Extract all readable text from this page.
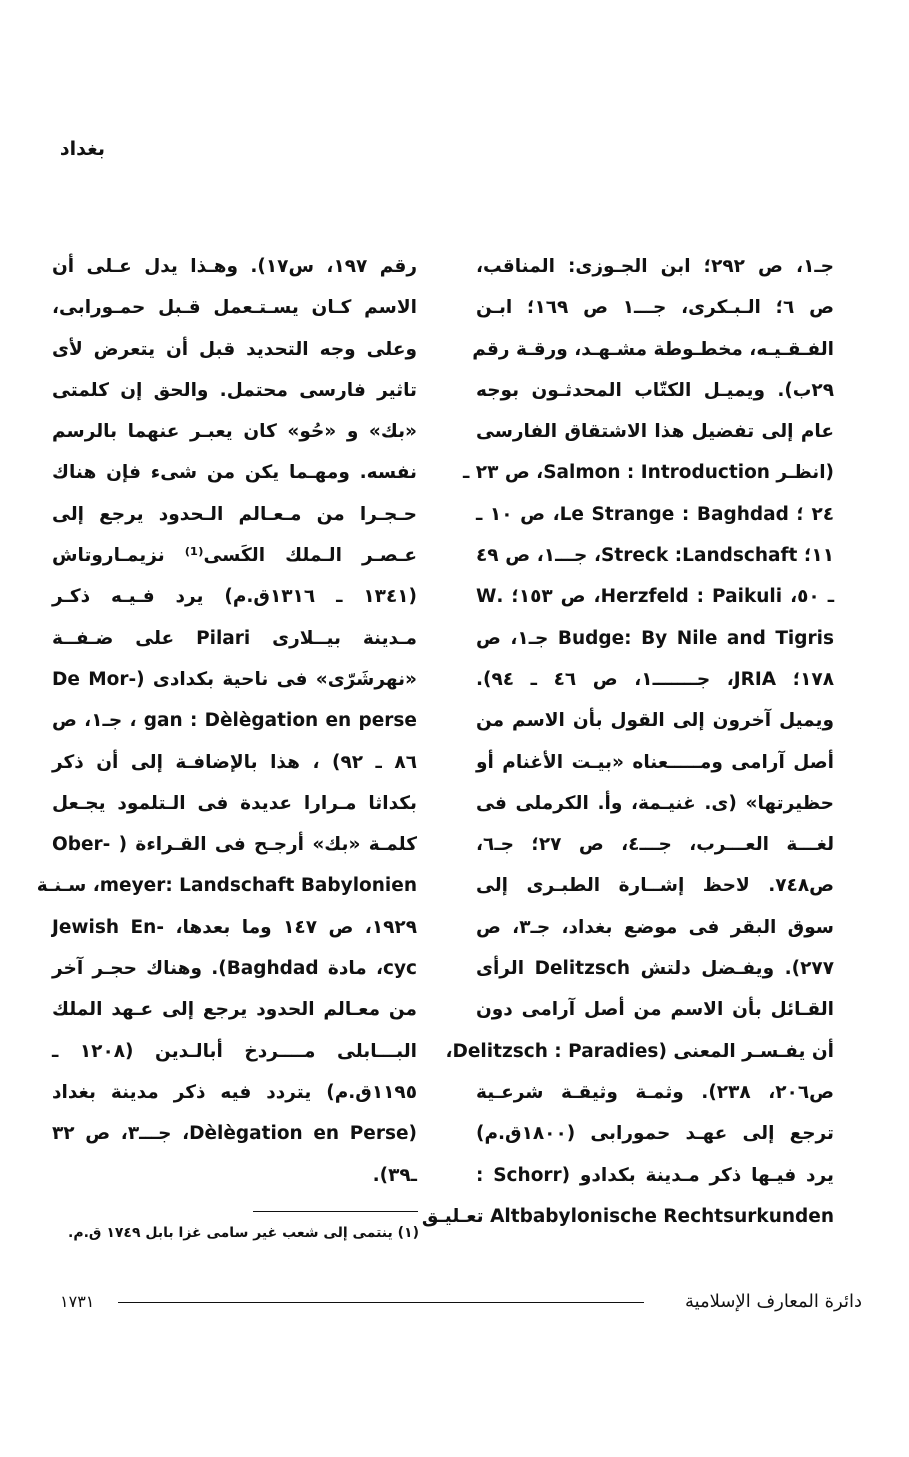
بغداد
جـ۱، ص ۲۹۲؛ ابن الجـوزی: المناقب،
ص ٦؛ الـبـكرى، جـــ۱ ص ١٦٩؛ ابـن
الفـقـيـه، مخطـوطة مشـهـد، ورقـة رقم
۲۹ب). ويميـل الكتّاب المحدثـون بوجه
عام إلى تفضيل هذا الاشتقاق الفارسى
(انظـر Salmon : Introduction، ص ٢٣ ـ
٢٤ ؛ Le Strange : Baghdad، ص ١٠ ـ
١١؛ Streck :Landschaft، جـــ١، ص ٤٩
ـ ٥٠، Herzfeld : Paikuli، ص ١٥٣؛ .W
Budge: By Nile and Tigris جـ١، ص
١٧٨؛ JRIA، جـــــــ١، ص ٤٦ ـ ٩٤).
ويميل آخرون إلى القول بأن الاسم من
أصل آرامی ومـــــعناه «بيـت الأغنام أو
حظيرتها» (ى. غنيـمة، وأ. الكرملى فى
لغـــة العـــرب، جـــ٤، ص ۲۷؛ جـ٦،
ص٧٤٨. لاحظ إشــارة الطبـرى إلى
سوق البقر فى موضع بغداد، جـ٣، ص
٢٧٧). ويفـضل دلتش Delitzsch الرأى
القـائل بأن الاسم من أصل آرامى دون
أن يفـسـر المعنى (Delitzsch : Paradies،
ص٢٠٦، ٢٣٨). وثمـة وثيقـة شرعـية
ترجع إلى عهـد حمورابى (۱۸۰۰ق.م)
يرد فيـها ذكر مـدينة بكدادو (Schorr :
Altbabylonische Rechtsurkunden تعـليـق
رقم ۱۹۷، س۱۷). وهـذا يدل عـلى أن
الاسم كـان يسـتـعمل قـبل حمـورابى،
وعلى وجه التحديد قبل أن يتعرض لأى
تاثير فارسى محتمل. والحق إن كلمتى
«بك» و «حُو» كان يعبـر عنهما بالرسم
نفسه. ومهـما يكن من شىء فإن هناك
حـجـرا من مـعـالم الـحدود يرجع إلى
عـصـر الـملك الكَسى⁽¹⁾ نزيمـاروتاش
(١٣٤١ ـ ١٣١٦ق.م) يرد فـيـه ذكـر
مـدينة بيــلارى Pilari على ضـفــة
«نهرشَرّى» فى ناحية بكدادى (-De Mor
gan : Dèlègation en perse ، جـ١، ص
٨٦ ـ ٩٢) ، هذا بالإضافـة إلى أن ذكر
بكداثا مـرارا عديدة فى الـتلمود يجـعل
كلمـة «بك» أرجـح فى القـراءة ( -Ober
meyer: Landschaft Babylonien، سـنـة
١٩٢٩، ص ١٤٧ وما بعدها، -Jewish En
cyc، مادة Baghdad). وهناك حجـر آخر
من معـالم الحدود يرجع إلى عـهد الملك
البـــابلى مــــردخ أبالـدين (١٢٠٨ ـ
١١٩٥ق.م) يتردد فيه ذكر مدينة بغداد
(Dèlègation en Perse، جـــ٣، ص ٣٢
ـ٣٩).
(١) ينتمى إلى شعب غير سامى غزا بابل ١٧٤٩ ق.م.
دائرة المعارف الإسلامية
١٧٣١
